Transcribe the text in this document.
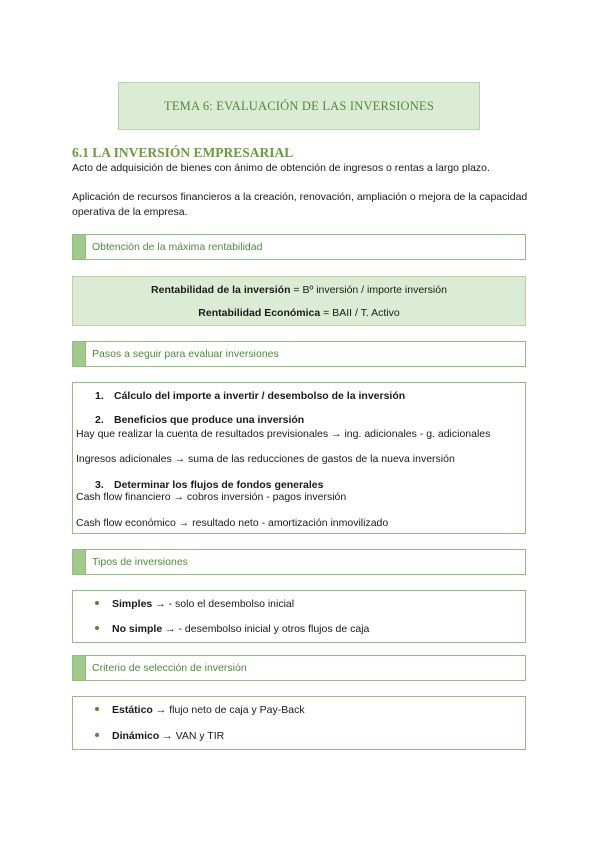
TEMA 6: EVALUACIÓN DE LAS INVERSIONES
6.1 LA INVERSIÓN EMPRESARIAL
Acto de adquisición de bienes con ánimo de obtención de ingresos o rentas a largo plazo.
Aplicación de recursos financieros a la creación, renovación, ampliación o mejora de la capacidad operativa de la empresa.
Obtención de la máxima rentabilidad
Rentabilidad de la inversión = Bº inversión / importe inversión
Rentabilidad Económica = BAII / T. Activo
Pasos a seguir para evaluar inversiones
1. Cálculo del importe a invertir / desembolso de la inversión
2. Beneficios que produce una inversión
Hay que realizar la cuenta de resultados previsionales → ing. adicionales - g. adicionales
Ingresos adicionales → suma de las reducciones de gastos de la nueva inversión
3. Determinar los flujos de fondos generales
Cash flow financiero → cobros inversión - pagos inversión
Cash flow económico → resultado neto - amortización inmovilizado
Tipos de inversiones
Simples → - solo el desembolso inicial
No simple → - desembolso inicial y otros flujos de caja
Criterio de selección de inversión
Estático → flujo neto de caja y Pay-Back
Dinámico → VAN y TIR
